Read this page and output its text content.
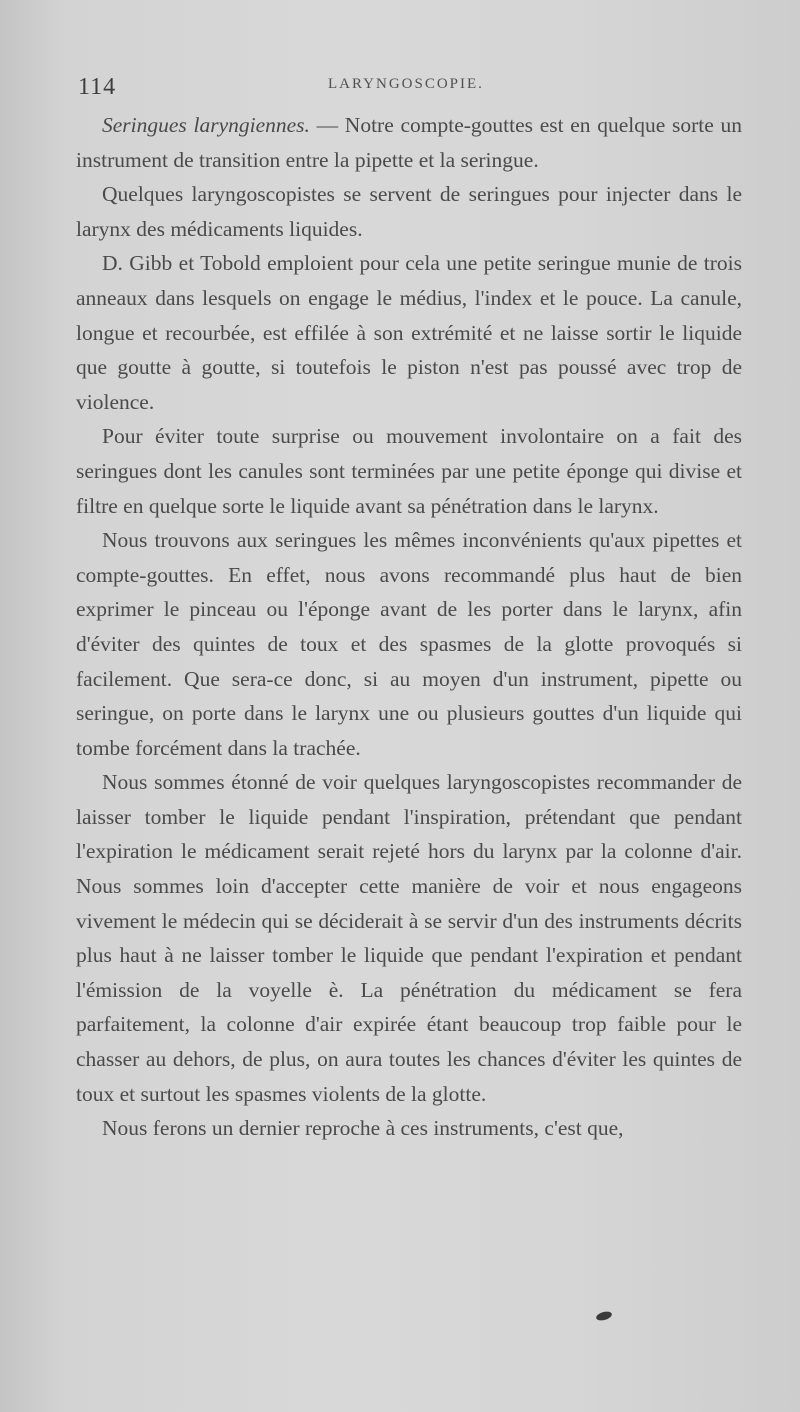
114	LARYNGOSCOPIE.

Seringues laryngiennes. — Notre compte-gouttes est en quelque sorte un instrument de transition entre la pipette et la seringue.

Quelques laryngoscopistes se servent de seringues pour injecter dans le larynx des médicaments liquides.

D. Gibb et Tobold emploient pour cela une petite seringue munie de trois anneaux dans lesquels on engage le médius, l'index et le pouce. La canule, longue et recourbée, est effilée à son extrémité et ne laisse sortir le liquide que goutte à goutte, si toutefois le piston n'est pas poussé avec trop de violence.

Pour éviter toute surprise ou mouvement involontaire on a fait des seringues dont les canules sont terminées par une petite éponge qui divise et filtre en quelque sorte le liquide avant sa pénétration dans le larynx.

Nous trouvons aux seringues les mêmes inconvénients qu'aux pipettes et compte-gouttes. En effet, nous avons recommandé plus haut de bien exprimer le pinceau ou l'éponge avant de les porter dans le larynx, afin d'éviter des quintes de toux et des spasmes de la glotte provoqués si facilement. Que sera-ce donc, si au moyen d'un instrument, pipette ou seringue, on porte dans le larynx une ou plusieurs gouttes d'un liquide qui tombe forcément dans la trachée.

Nous sommes étonné de voir quelques laryngoscopistes recommander de laisser tomber le liquide pendant l'inspiration, prétendant que pendant l'expiration le médicament serait rejeté hors du larynx par la colonne d'air. Nous sommes loin d'accepter cette manière de voir et nous engageons vivement le médecin qui se déciderait à se servir d'un des instruments décrits plus haut à ne laisser tomber le liquide que pendant l'expiration et pendant l'émission de la voyelle è. La pénétration du médicament se fera parfaitement, la colonne d'air expirée étant beaucoup trop faible pour le chasser au dehors, de plus, on aura toutes les chances d'éviter les quintes de toux et surtout les spasmes violents de la glotte.

Nous ferons un dernier reproche à ces instruments, c'est que,
